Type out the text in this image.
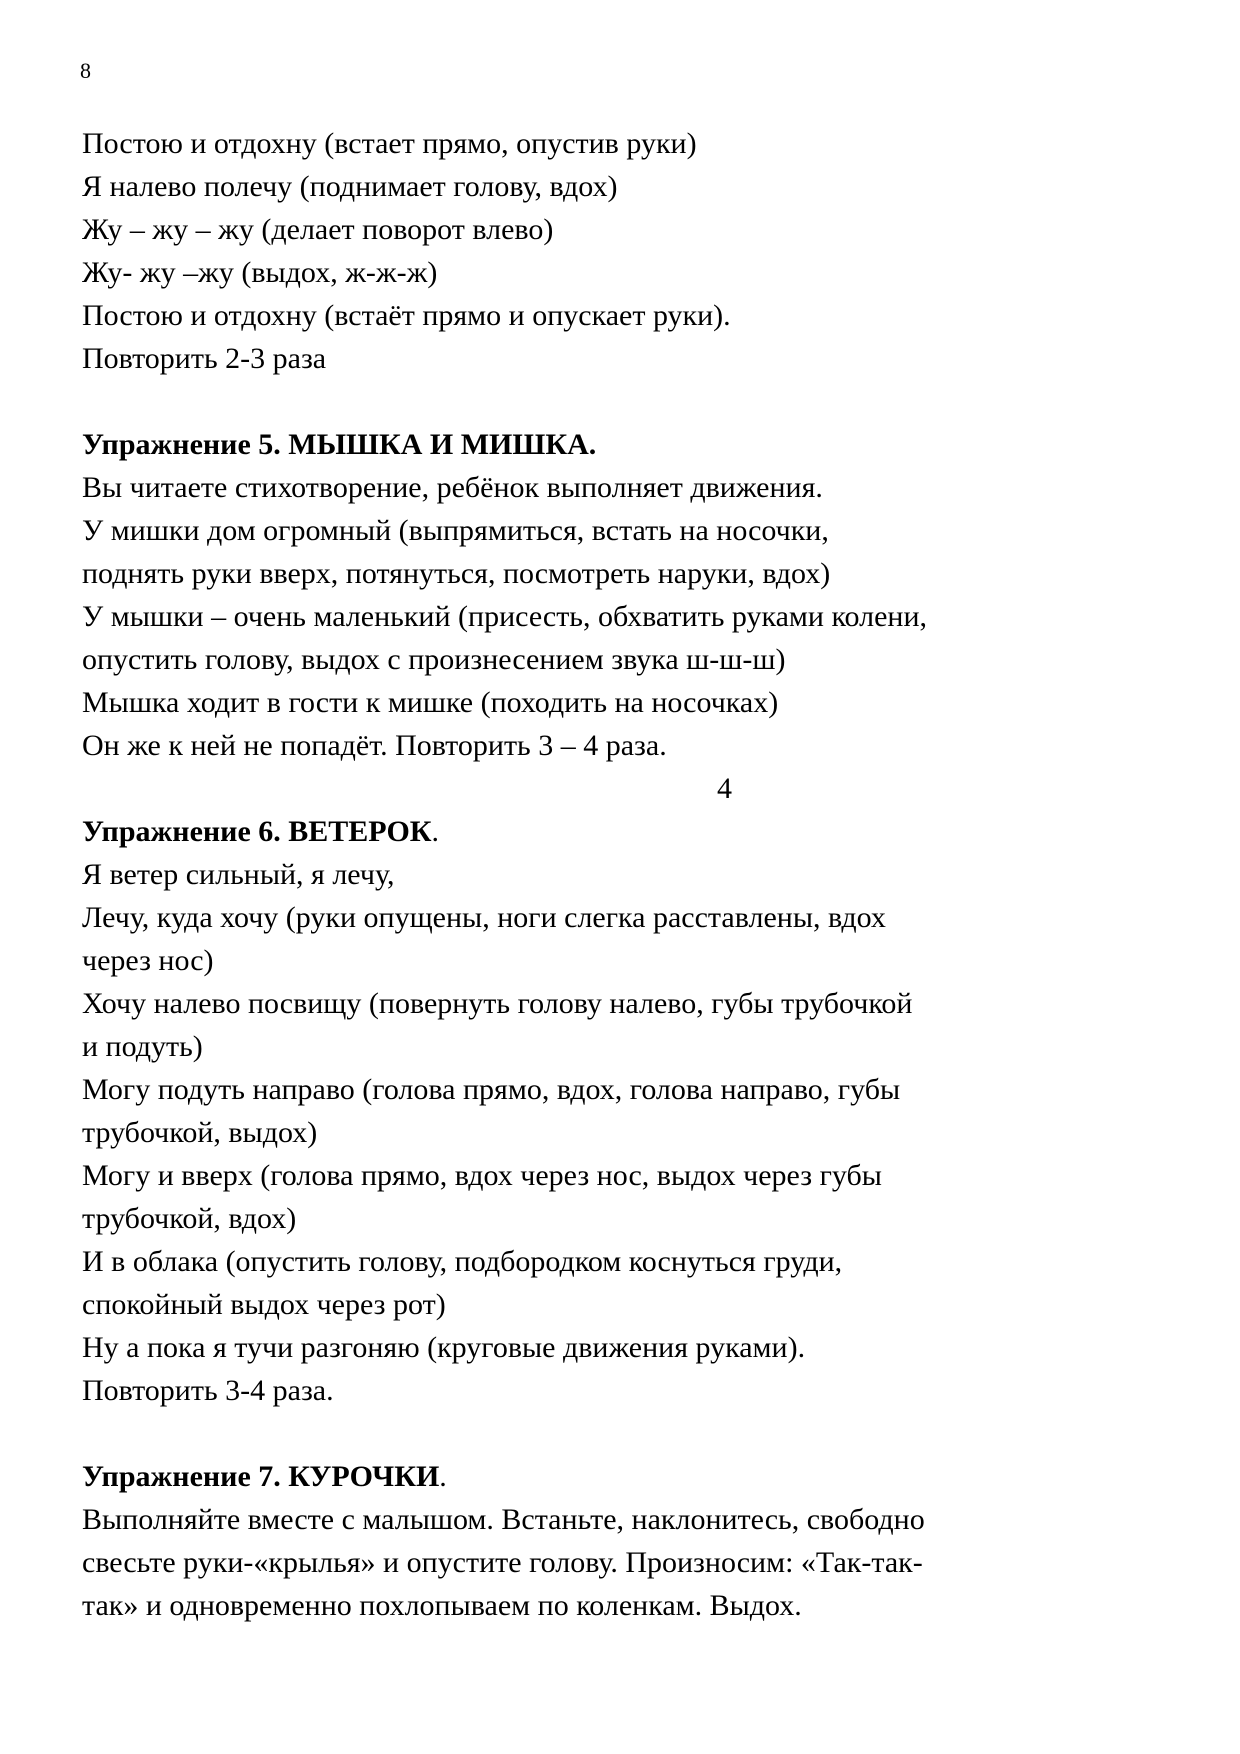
8
Постою и отдохну (встает прямо, опустив руки)
Я налево полечу (поднимает голову, вдох)
Жу – жу – жу (делает поворот влево)
Жу- жу –жу (выдох, ж-ж-ж)
Постою и отдохну (встаёт прямо и опускает руки).
Повторить 2-3 раза

Упражнение 5. МЫШКА И МИШКА.
Вы читаете стихотворение, ребёнок выполняет движения.
У мишки дом огромный (выпрямиться, встать на носочки,
поднять руки вверх, потянуться, посмотреть наруки, вдох)
У мышки – очень маленький (присесть, обхватить руками колени,
опустить голову, выдох с произнесением звука ш-ш-ш)
Мышка ходит в гости к мишке (походить на носочках)
Он же к ней не попадёт. Повторить 3 – 4 раза.
4
Упражнение 6. ВЕТЕРОК.
Я ветер сильный, я лечу,
Лечу, куда хочу (руки опущены, ноги слегка расставлены, вдох
через нос)
Хочу налево посвищу (повернуть голову налево, губы трубочкой
и подуть)
Могу подуть направо (голова прямо, вдох, голова направо, губы
трубочкой, выдох)
Могу и вверх (голова прямо, вдох через нос, выдох через губы
трубочкой, вдох)
И в облака (опустить голову, подбородком коснуться груди,
спокойный выдох через рот)
Ну а пока я тучи разгоняю (круговые движения руками).
Повторить 3-4 раза.

Упражнение 7. КУРОЧКИ.
Выполняйте вместе с малышом. Встаньте, наклонитесь, свободно
свесьте руки-«крылья» и опустите голову. Произносим: «Так-так-
так» и одновременно похлопываем по коленкам. Выдох.
